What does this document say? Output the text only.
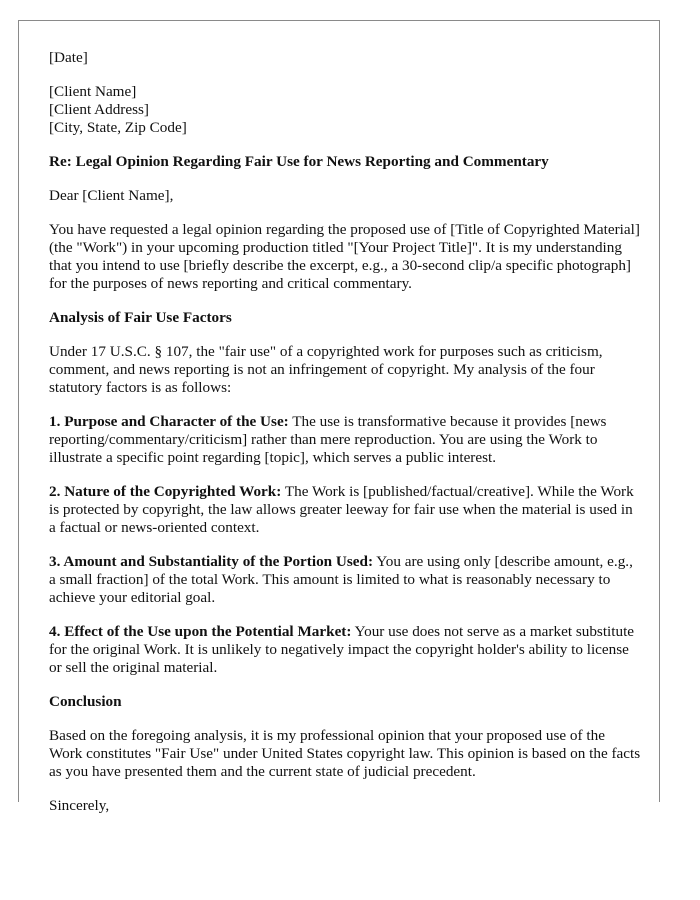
[Date]

[Client Name]

[Client Address]

[City, State, Zip Code]

Re: Legal Opinion Regarding Fair Use for News Reporting and Commentary

Dear [Client Name],

You have requested a legal opinion regarding the proposed use of [Title of Copyrighted Material] (the "Work") in your upcoming production titled "[Your Project Title]". It is my understanding that you intend to use [briefly describe the excerpt, e.g., a 30-second clip/a specific photograph] for the purposes of news reporting and critical commentary.

Analysis of Fair Use Factors

Under 17 U.S.C. § 107, the "fair use" of a copyrighted work for purposes such as criticism, comment, and news reporting is not an infringement of copyright. My analysis of the four statutory factors is as follows:

1. Purpose and Character of the Use: The use is transformative because it provides [news reporting/commentary/criticism] rather than mere reproduction. You are using the Work to illustrate a specific point regarding [topic], which serves a public interest.

2. Nature of the Copyrighted Work: The Work is [published/factual/creative]. While the Work is protected by copyright, the law allows greater leeway for fair use when the material is used in a factual or news-oriented context.

3. Amount and Substantiality of the Portion Used: You are using only [describe amount, e.g., a small fraction] of the total Work. This amount is limited to what is reasonably necessary to achieve your editorial goal.

4. Effect of the Use upon the Potential Market: Your use does not serve as a market substitute for the original Work. It is unlikely to negatively impact the copyright holder's ability to license or sell the original material.

Conclusion

Based on the foregoing analysis, it is my professional opinion that your proposed use of the Work constitutes "Fair Use" under United States copyright law. This opinion is based on the facts as you have presented them and the current state of judicial precedent.

Sincerely,
